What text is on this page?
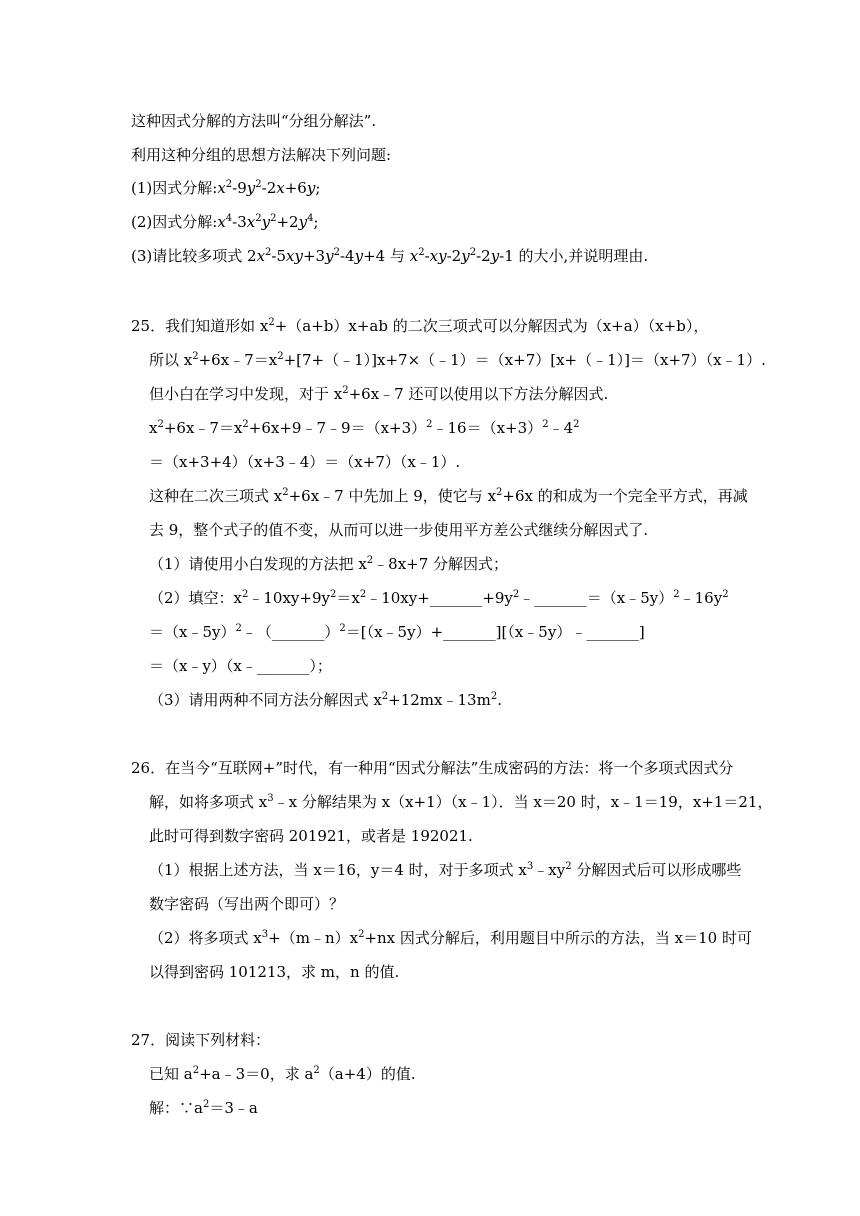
这种因式分解的方法叫“分组分解法”.
利用这种分组的思想方法解决下列问题:
(1)因式分解$:x^2-9y^2-2x+6y$;
(2)因式分解$:x^4-3x^2y^2+2y^4$;
(3)请比较多项式 $2x^2-5xy+3y^2-4y+4$ 与 $x^2-xy-2y^2-2y-1$ 的大小,并说明理由.
25．我们知道形如 $x^2+(a+b)x+ab$ 的二次三项式可以分解因式为（x+a）（x+b），
所以 $x^2+6x﹣7=x^2+[7+(﹣1)]x+7\times(﹣1)=(x+7)[x+(﹣1)]=(x+7)(x﹣1)$.
但小白在学习中发现，对于 $x^2+6x﹣7$ 还可以使用以下方法分解因式.
$x^2+6x﹣7=x^2+6x+9﹣7﹣9=(x+3)^2﹣16=(x+3)^2﹣4^2$
＝（x+3+4）（x+3﹣4）＝（x+7）（x﹣1）.
这种在二次三项式 $x^2+6x﹣7$ 中先加上 9，使它与 $x^2+6x$ 的和成为一个完全平方式，再减
去 9，整个式子的值不变，从而可以进一步使用平方差公式继续分解因式了.
（1）请使用小白发现的方法把 $x^2﹣8x+7$ 分解因式；
（2）填空：$x^2﹣10xy+9y^2=x^2﹣10xy+\_\_\_\_\_\_\_+9y^2﹣\_\_\_\_\_\_\_=(x﹣5y)^2﹣16y^2$
＝（x﹣5y）$^2$﹣（_______）$^2$＝[（x﹣5y）+_______][（x﹣5y）﹣_______]
＝（x﹣y）（x﹣_______）；
（3）请用两种不同方法分解因式 $x^2+12mx﹣13m^2$.
26．在当今“互联网+”时代，有一种用“因式分解法”生成密码的方法：将一个多项式因式分
解，如将多项式 $x^3﹣x$ 分解结果为 x（x+1）（x﹣1）．当 x＝20 时，x﹣1＝19，x+1＝21，
此时可得到数字密码 201921，或者是 192021.
（1）根据上述方法，当 x＝16，y＝4 时，对于多项式 $x^3﹣xy^2$ 分解因式后可以形成哪些
数字密码（写出两个即可）？
（2）将多项式 $x^3+(m﹣n)x^2+nx$ 因式分解后，利用题目中所示的方法，当 x＝10 时可
以得到密码 101213，求 m，n 的值.
27．阅读下列材料：
已知 $a^2+a﹣3=0$，求 $a^2(a+4)$的值.
解：$\because a^2=3﹣a$
